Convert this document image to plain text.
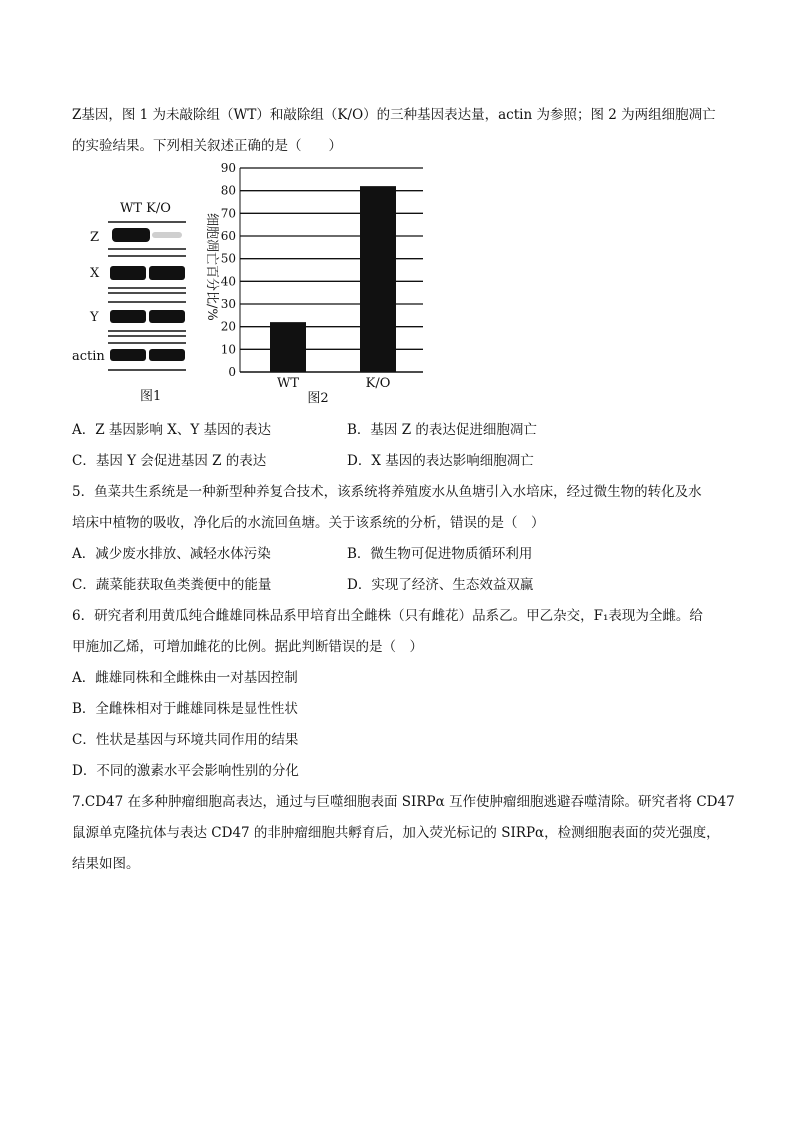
Z基因，图 1 为未敲除组（WT）和敲除组（K/O）的三种基因表达量，actin 为参照；图 2 为两组细胞凋亡
的实验结果。下列相关叙述正确的是（　　）
WT K/O
Z
X
Y
actin
图1
0
10
20
30
40
50
60
70
80
90
WT	K/O
细胞凋亡百分比/%
图2
A．Z 基因影响 X、Y 基因的表达	B．基因 Z 的表达促进细胞凋亡
C．基因 Y 会促进基因 Z 的表达	D．X 基因的表达影响细胞凋亡
5．鱼菜共生系统是一种新型种养复合技术，该系统将养殖废水从鱼塘引入水培床，经过微生物的转化及水
培床中植物的吸收，净化后的水流回鱼塘。关于该系统的分析，错误的是（　）
A．减少废水排放、减轻水体污染	B．微生物可促进物质循环利用
C．蔬菜能获取鱼类粪便中的能量	D．实现了经济、生态效益双赢
6．研究者利用黄瓜纯合雌雄同株品系甲培育出全雌株（只有雌花）品系乙。甲乙杂交，F₁表现为全雌。给
甲施加乙烯，可增加雌花的比例。据此判断错误的是（　）
A．雌雄同株和全雌株由一对基因控制
B．全雌株相对于雌雄同株是显性性状
C．性状是基因与环境共同作用的结果
D．不同的激素水平会影响性别的分化
7.CD47 在多种肿瘤细胞高表达，通过与巨噬细胞表面 SIRPα 互作使肿瘤细胞逃避吞噬清除。研究者将 CD47
鼠源单克隆抗体与表达 CD47 的非肿瘤细胞共孵育后，加入荧光标记的 SIRPα，检测细胞表面的荧光强度，
结果如图。
